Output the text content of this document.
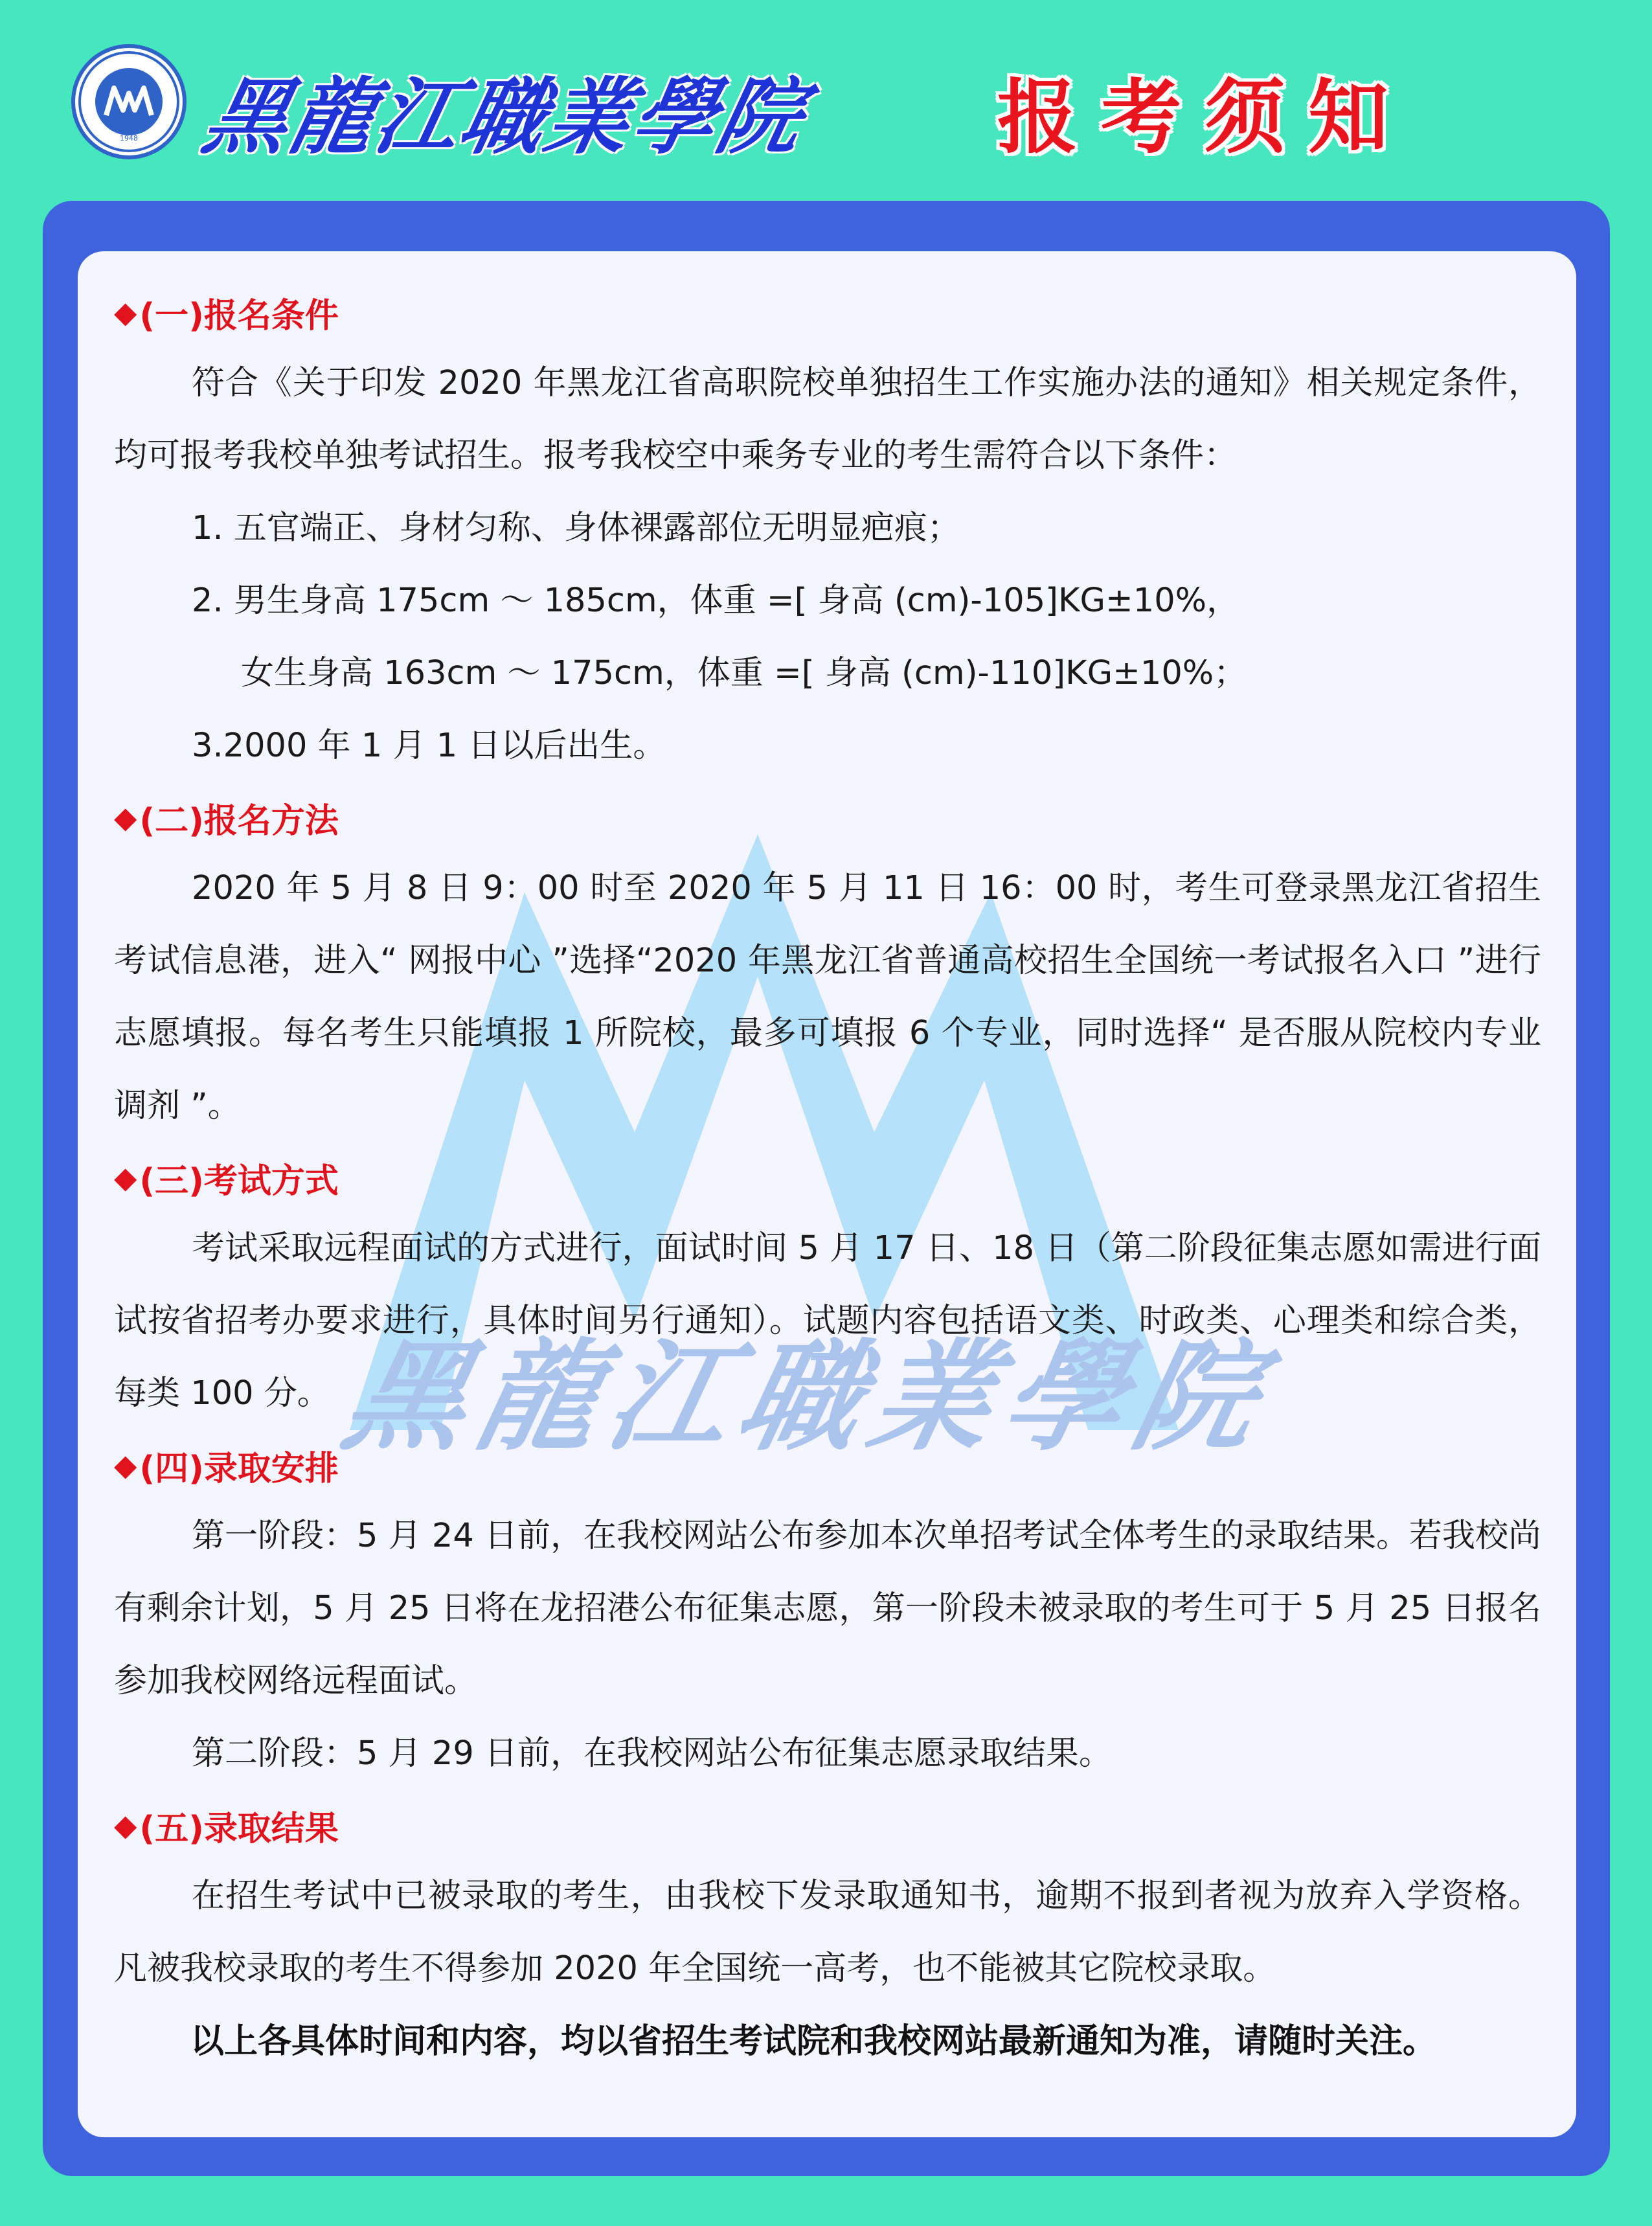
1948 黑龍江職業學院 报考须知
黑龍江職業學院
◆ (一)报名条件
符合《关于印发 2020 年黑龙江省高职院校单独招生工作实施办法的通知》相关规定条件，均可报考我校单独考试招生。报考我校空中乘务专业的考生需符合以下条件：
1. 五官端正、身材匀称、身体裸露部位无明显疤痕；
2. 男生身高 175cm ～ 185cm，体重 =[ 身高 (cm)-105]KG±10%，
女生身高 163cm ～ 175cm，体重 =[ 身高 (cm)-110]KG±10%；
3.2000 年 1 月 1 日以后出生。
◆ (二)报名方法
2020 年 5 月 8 日 9：00 时至 2020 年 5 月 11 日 16：00 时，考生可登录黑龙江省招生考试信息港，进入“ 网报中心 ”选择“2020 年黑龙江省普通高校招生全国统一考试报名入口 ”进行志愿填报。每名考生只能填报 1 所院校，最多可填报 6 个专业，同时选择“ 是否服从院校内专业调剂 ”。
◆ (三)考试方式
考试采取远程面试的方式进行，面试时间 5 月 17 日、18 日（第二阶段征集志愿如需进行面试按省招考办要求进行，具体时间另行通知）。试题内容包括语文类、时政类、心理类和综合类，每类 100 分。
◆ (四)录取安排
第一阶段：5 月 24 日前，在我校网站公布参加本次单招考试全体考生的录取结果。若我校尚有剩余计划，5 月 25 日将在龙招港公布征集志愿，第一阶段未被录取的考生可于 5 月 25 日报名参加我校网络远程面试。
第二阶段：5 月 29 日前，在我校网站公布征集志愿录取结果。
◆ (五)录取结果
在招生考试中已被录取的考生，由我校下发录取通知书，逾期不报到者视为放弃入学资格。凡被我校录取的考生不得参加 2020 年全国统一高考，也不能被其它院校录取。
以上各具体时间和内容，均以省招生考试院和我校网站最新通知为准，请随时关注。
